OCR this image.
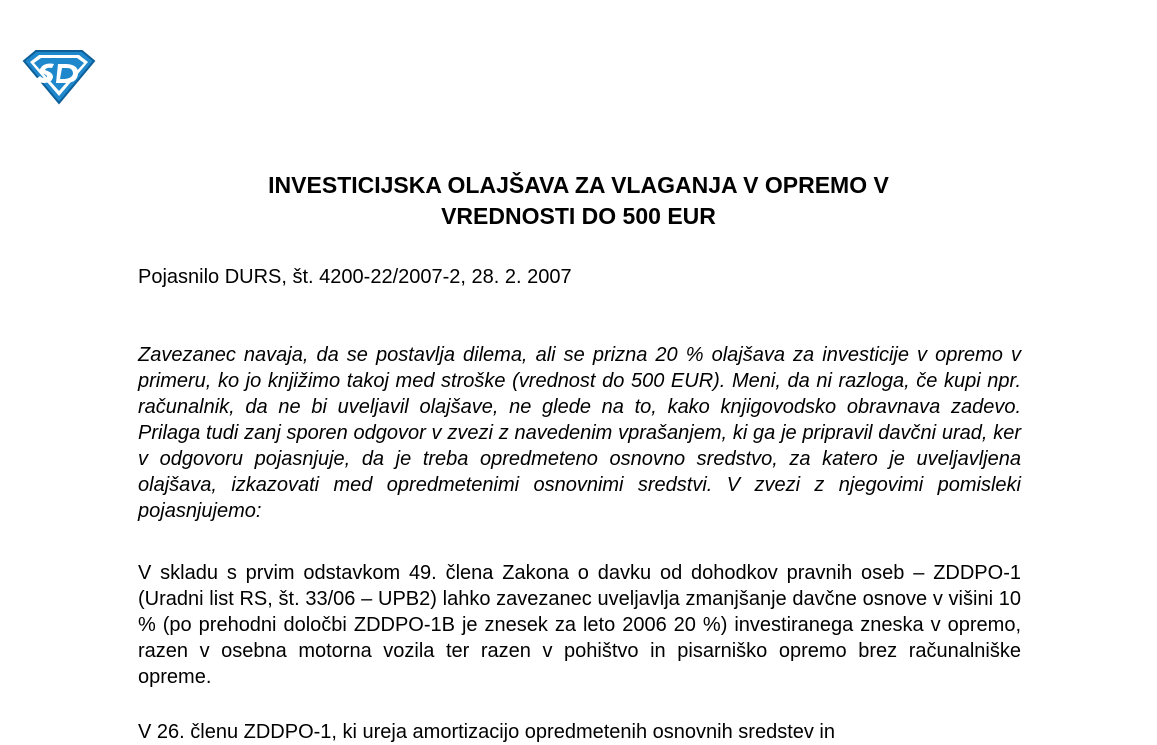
INVESTICIJSKA OLAJŠAVA ZA VLAGANJA V OPREMO V
VREDNOSTI DO 500 EUR

Pojasnilo DURS, št. 4200-22/2007-2, 28. 2. 2007

Zavezanec navaja, da se postavlja dilema, ali se prizna 20 % olajšava za investicije v opremo v primeru, ko jo knjižimo takoj med stroške (vrednost do 500 EUR). Meni, da ni razloga, če kupi npr. računalnik, da ne bi uveljavil olajšave, ne glede na to, kako knjigovodsko obravnava zadevo. Prilaga tudi zanj sporen odgovor v zvezi z navedenim vprašanjem, ki ga je pripravil davčni urad, ker v odgovoru pojasnjuje, da je treba opredmeteno osnovno sredstvo, za katero je uveljavljena olajšava, izkazovati med opredmetenimi osnovnimi sredstvi. V zvezi z njegovimi pomisleki pojasnjujemo:

V skladu s prvim odstavkom 49. člena Zakona o davku od dohodkov pravnih oseb – ZDDPO-1 (Uradni list RS, št. 33/06 – UPB2) lahko zavezanec uveljavlja zmanjšanje davčne osnove v višini 10 % (po prehodni določbi ZDDPO-1B je znesek za leto 2006 20 %) investiranega zneska v opremo, razen v osebna motorna vozila ter razen v pohištvo in pisarniško opremo brez računalniške opreme.

V 26. členu ZDDPO-1, ki ureja amortizacijo opredmetenih osnovnih sredstev in
